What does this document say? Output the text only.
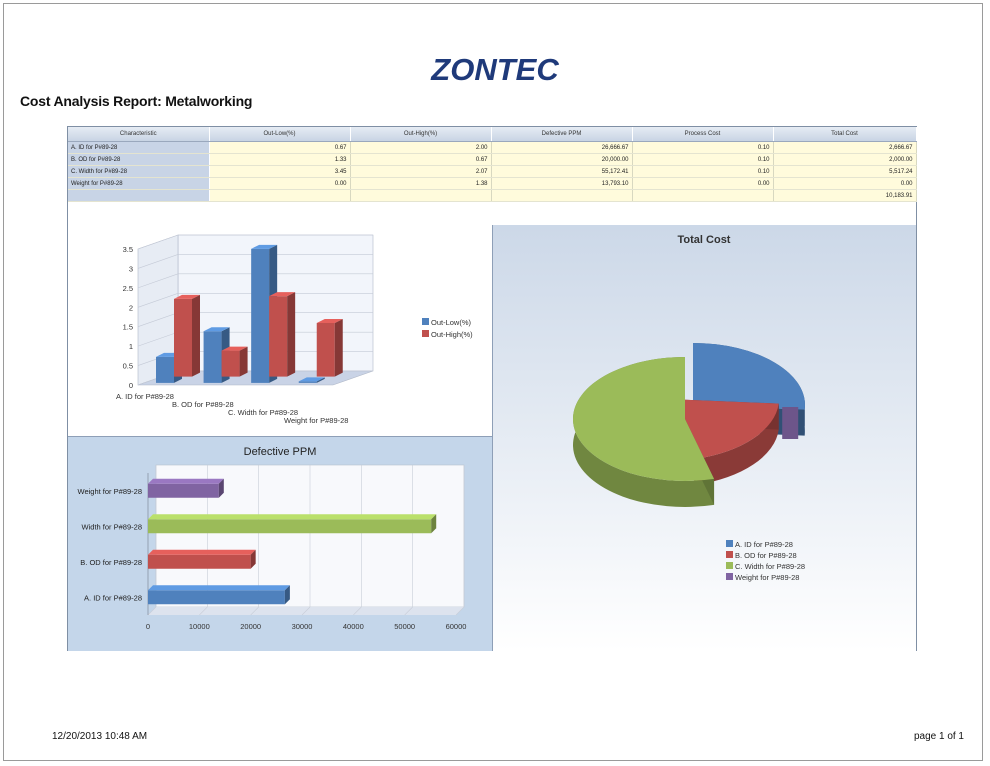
ZONTEC
Cost Analysis Report: Metalworking
Characteristic	Out-Low(%)	Out-High(%)	Defective PPM	Process Cost	Total Cost
A. ID for P#89-28	0.67	2.00	26,666.67	0.10	2,666.67
B. OD for P#89-28	1.33	0.67	20,000.00	0.10	2,000.00
C. Width for P#89-28	3.45	2.07	55,172.41	0.10	5,517.24
Weight for P#89-28	0.00	1.38	13,793.10	0.00	0.00
					10,183.91
0
0.5
1
1.5
2
2.5
3
3.5
A. ID for P#89-28
B. OD for P#89-28
C. Width for P#89-28
Weight for P#89-28
Out-Low(%)
Out-High(%)
Defective PPM
0	10000	20000	30000	40000	50000	60000
A. ID for P#89-28
B. OD for P#89-28
Width for P#89-28
Weight for P#89-28
Total Cost
A. ID for P#89-28
B. OD for P#89-28
C. Width for P#89-28
Weight for P#89-28
12/20/2013 10:48 AM	page 1 of 1
